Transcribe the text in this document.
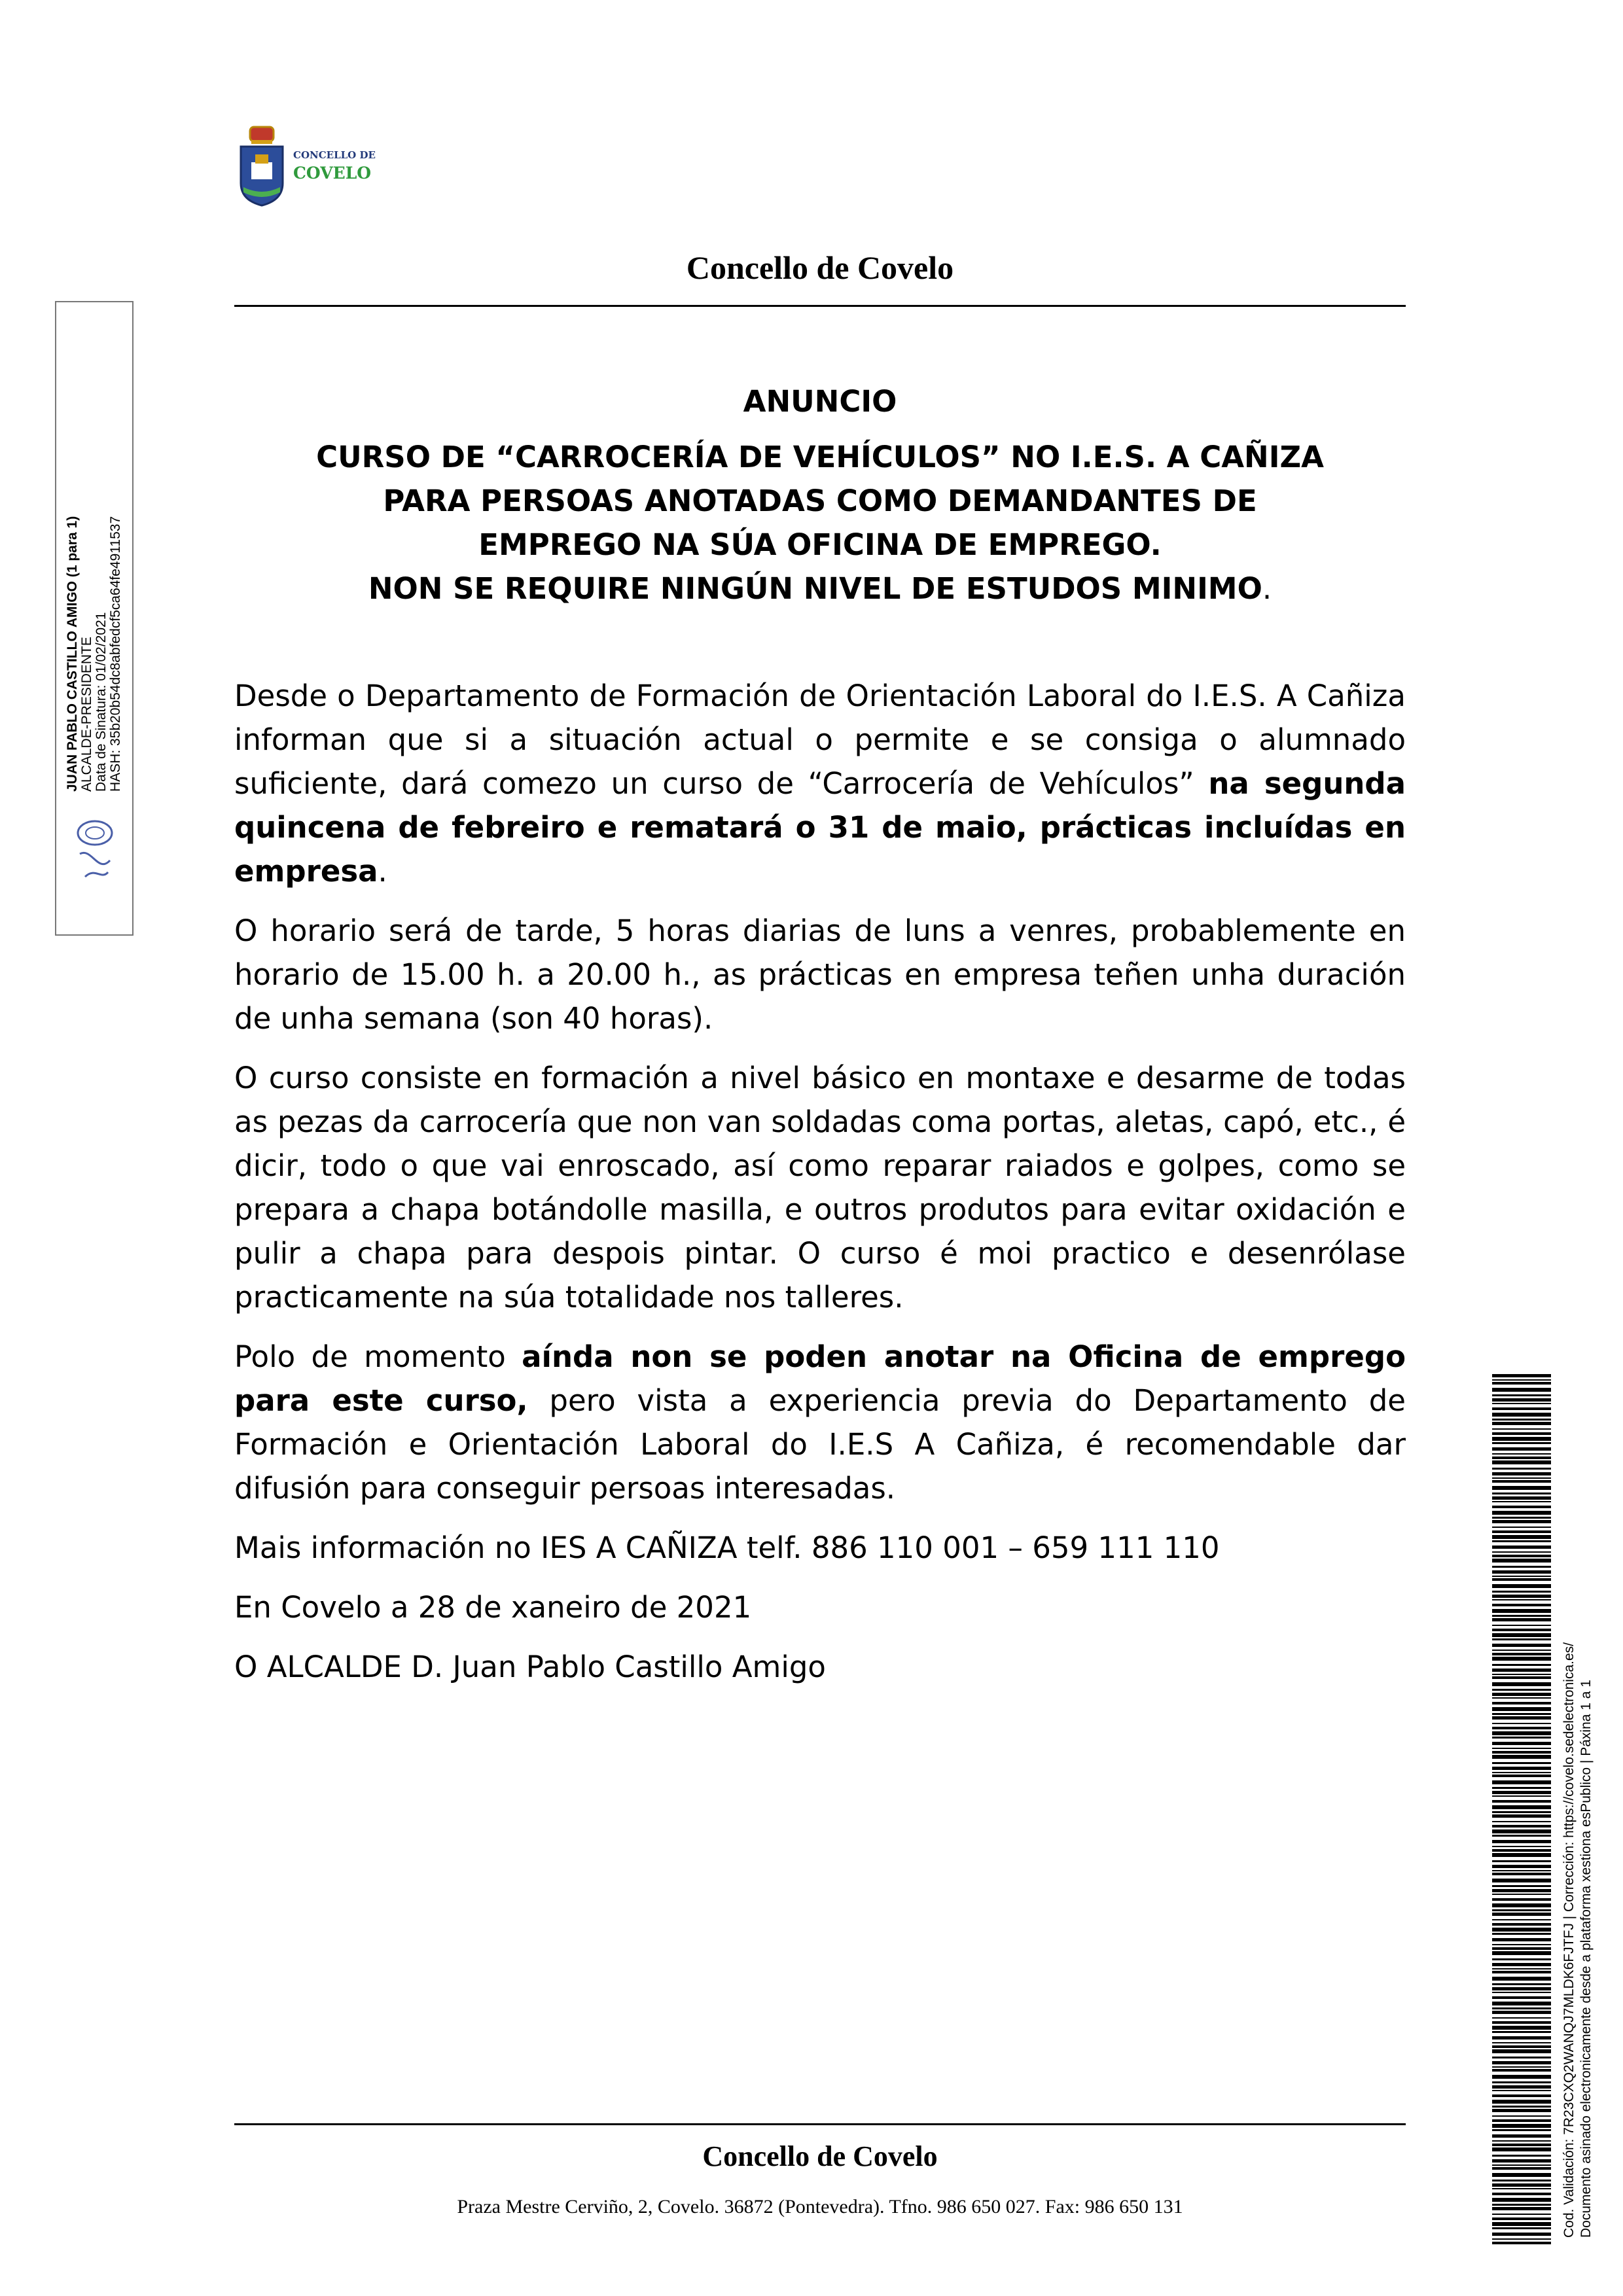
CONCELLO DE
COVELO
Concello de Covelo
ANUNCIO
CURSO DE “CARROCERÍA DE VEHÍCULOS” NO I.E.S. A CAÑIZA
PARA PERSOAS ANOTADAS COMO DEMANDANTES DE
EMPREGO NA SÚA OFICINA DE EMPREGO.
NON SE REQUIRE NINGÚN NIVEL DE ESTUDOS MINIMO.

Desde o Departamento de Formación de Orientación Laboral do I.E.S. A Cañiza informan que si a situación actual o permite e se consiga o alumnado suficiente, dará comezo un curso de “Carrocería de Vehículos” na segunda quincena de febreiro e rematará o 31 de maio, prácticas incluídas en empresa.

O horario será de tarde, 5 horas diarias de luns a venres, probablemente en horario de 15.00 h. a 20.00 h., as prácticas en empresa teñen unha duración de unha semana (son 40 horas).

O curso consiste en formación a nivel básico en montaxe e desarme de todas as pezas da carrocería que non van soldadas coma portas, aletas, capó, etc., é dicir, todo o que vai enroscado, así como reparar raiados e golpes, como se prepara a chapa botándolle masilla, e outros produtos para evitar oxidación e pulir a chapa para despois pintar. O curso é moi practico e desenrólase practicamente na súa totalidade nos talleres.

Polo de momento aínda non se poden anotar na Oficina de emprego para este curso, pero vista a experiencia previa do Departamento de Formación e Orientación Laboral do I.E.S A Cañiza, é recomendable dar difusión para conseguir persoas interesadas.

Mais información no IES A CAÑIZA telf. 886 110 001 – 659 111 110

En Covelo a 28 de xaneiro de 2021

O ALCALDE D. Juan Pablo Castillo Amigo

Concello de Covelo
Praza Mestre Cerviño, 2, Covelo. 36872 (Pontevedra). Tfno. 986 650 027. Fax: 986 650 131
JUAN PABLO CASTILLO AMIGO (1 para 1) ALCALDE-PRESIDENTE Data de Sinatura: 01/02/2021 HASH: 35b20b54dc8abfedcf5ca64fe4911537
Cod. Validación: 7R23CXQ2WANQJ7MLDK6FJTFJ | Corrección: https://covelo.sedelectronica.es/ Documento asinado electronicamente desde a plataforma xestiona esPublico | Páxina 1 a 1
